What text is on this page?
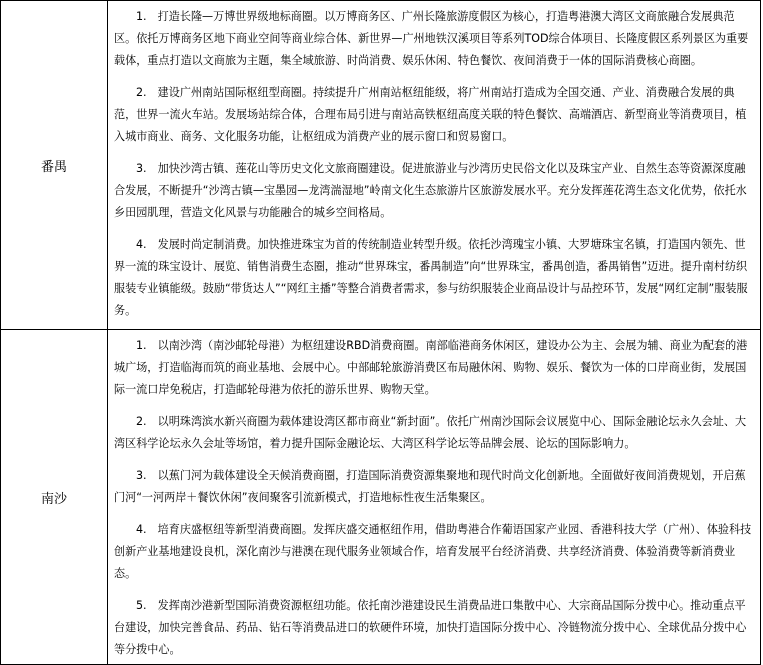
番禺	1.　打造长隆—万博世界级地标商圈。以万博商务区、广州长隆旅游度假区为核心，打造粤港澳大湾区文商旅融合发展典范区。依托万博商务区地下商业空间等商业综合体、新世界—广州地铁汉溪项目等系列TOD综合体项目、长隆度假区系列景区为重要载体，重点打造以文商旅为主题，集全域旅游、时尚消费、娱乐休闲、特色餐饮、夜间消费于一体的国际消费核心商圈。

2.　建设广州南站国际枢纽型商圈。持续提升广州南站枢纽能级，将广州南站打造成为全国交通、产业、消费融合发展的典范，世界一流火车站。发展场站综合体，合理布局引进与南站高铁枢纽高度关联的特色餐饮、高端酒店、新型商业等消费项目，植入城市商业、商务、文化服务功能，让枢纽成为消费产业的展示窗口和贸易窗口。

3.　加快沙湾古镇、莲花山等历史文化文旅商圈建设。促进旅游业与沙湾历史民俗文化以及珠宝产业、自然生态等资源深度融合发展，不断提升“沙湾古镇—宝墨园—龙湾湍湿地”岭南文化生态旅游片区旅游发展水平。充分发挥莲花湾生态文化优势，依托水乡田园肌理，营造文化风景与功能融合的城乡空间格局。

4.　发展时尚定制消费。加快推进珠宝为首的传统制造业转型升级。依托沙湾瑰宝小镇、大罗塘珠宝名镇，打造国内领先、世界一流的珠宝设计、展览、销售消费生态圈，推动“世界珠宝，番禺制造”向“世界珠宝，番禺创造，番禺销售”迈进。提升南村纺织服装专业镇能级。鼓励“带货达人”“网红主播”等整合消费者需求，参与纺织服装企业商品设计与品控环节，发展“网红定制”服装服务。

南沙	1.　以南沙湾（南沙邮轮母港）为枢纽建设RBD消费商圈。南部临港商务休闲区，建设办公为主、会展为辅、商业为配套的港城广场，打造临海而筑的商业基地、会展中心。中部邮轮旅游消费区布局融休闲、购物、娱乐、餐饮为一体的口岸商业街，发展国际一流口岸免税店，打造邮轮母港为依托的游乐世界、购物天堂。

2.　以明珠湾滨水新兴商圈为载体建设湾区都市商业“新封面”。依托广州南沙国际会议展览中心、国际金融论坛永久会址、大湾区科学论坛永久会址等场馆，着力提升国际金融论坛、大湾区科学论坛等品牌会展、论坛的国际影响力。

3.　以蕉门河为载体建设全天候消费商圈，打造国际消费资源集聚地和现代时尚文化创新地。全面做好夜间消费规划，开启蕉门河“一河两岸＋餐饮休闲”夜间聚客引流新模式，打造地标性夜生活集聚区。

4.　培育庆盛枢纽等新型消费商圈。发挥庆盛交通枢纽作用，借助粤港合作葡语国家产业园、香港科技大学（广州）、体验科技创新产业基地建设良机，深化南沙与港澳在现代服务业领域合作，培育发展平台经济消费、共享经济消费、体验消费等新消费业态。

5.　发挥南沙港新型国际消费资源枢纽功能。依托南沙港建设民生消费品进口集散中心、大宗商品国际分拨中心。推动重点平台建设，加快完善食品、药品、钻石等消费品进口的软硬件环境，加快打造国际分拨中心、冷链物流分拨中心、全球优品分拨中心等分拨中心。
